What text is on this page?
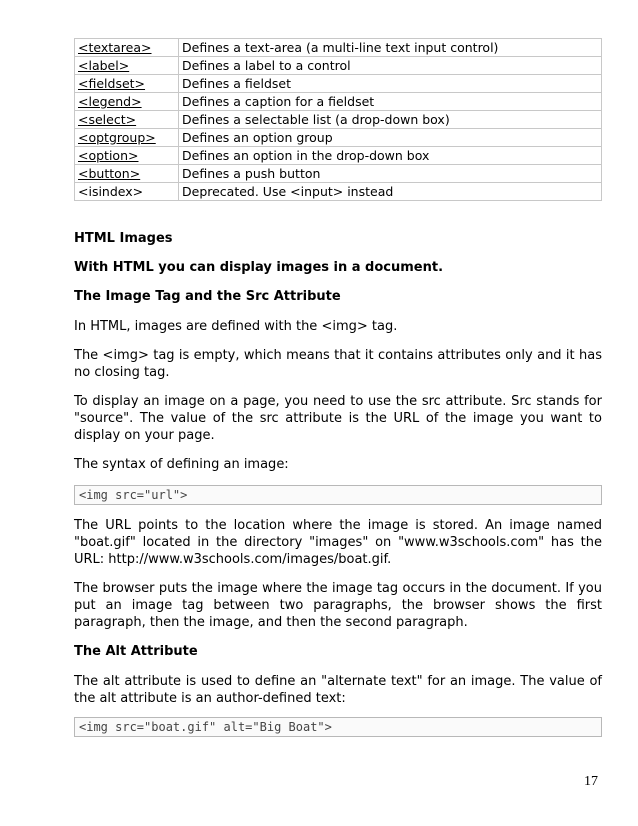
<textarea>	Defines a text-area (a multi-line text input control)
<label>	Defines a label to a control
<fieldset>	Defines a fieldset
<legend>	Defines a caption for a fieldset
<select>	Defines a selectable list (a drop-down box)
<optgroup>	Defines an option group
<option>	Defines an option in the drop-down box
<button>	Defines a push button
<isindex>	Deprecated. Use <input> instead

HTML Images

With HTML you can display images in a document.

The Image Tag and the Src Attribute

In HTML, images are defined with the <img> tag.

The <img> tag is empty, which means that it contains attributes only and it has no closing tag.

To display an image on a page, you need to use the src attribute. Src stands for "source". The value of the src attribute is the URL of the image you want to display on your page.

The syntax of defining an image:

<img src="url">

The URL points to the location where the image is stored. An image named "boat.gif" located in the directory "images" on "www.w3schools.com" has the URL: http://www.w3schools.com/images/boat.gif.

The browser puts the image where the image tag occurs in the document. If you put an image tag between two paragraphs, the browser shows the first paragraph, then the image, and then the second paragraph.

The Alt Attribute

The alt attribute is used to define an "alternate text" for an image. The value of the alt attribute is an author-defined text:

<img src="boat.gif" alt="Big Boat">
17
